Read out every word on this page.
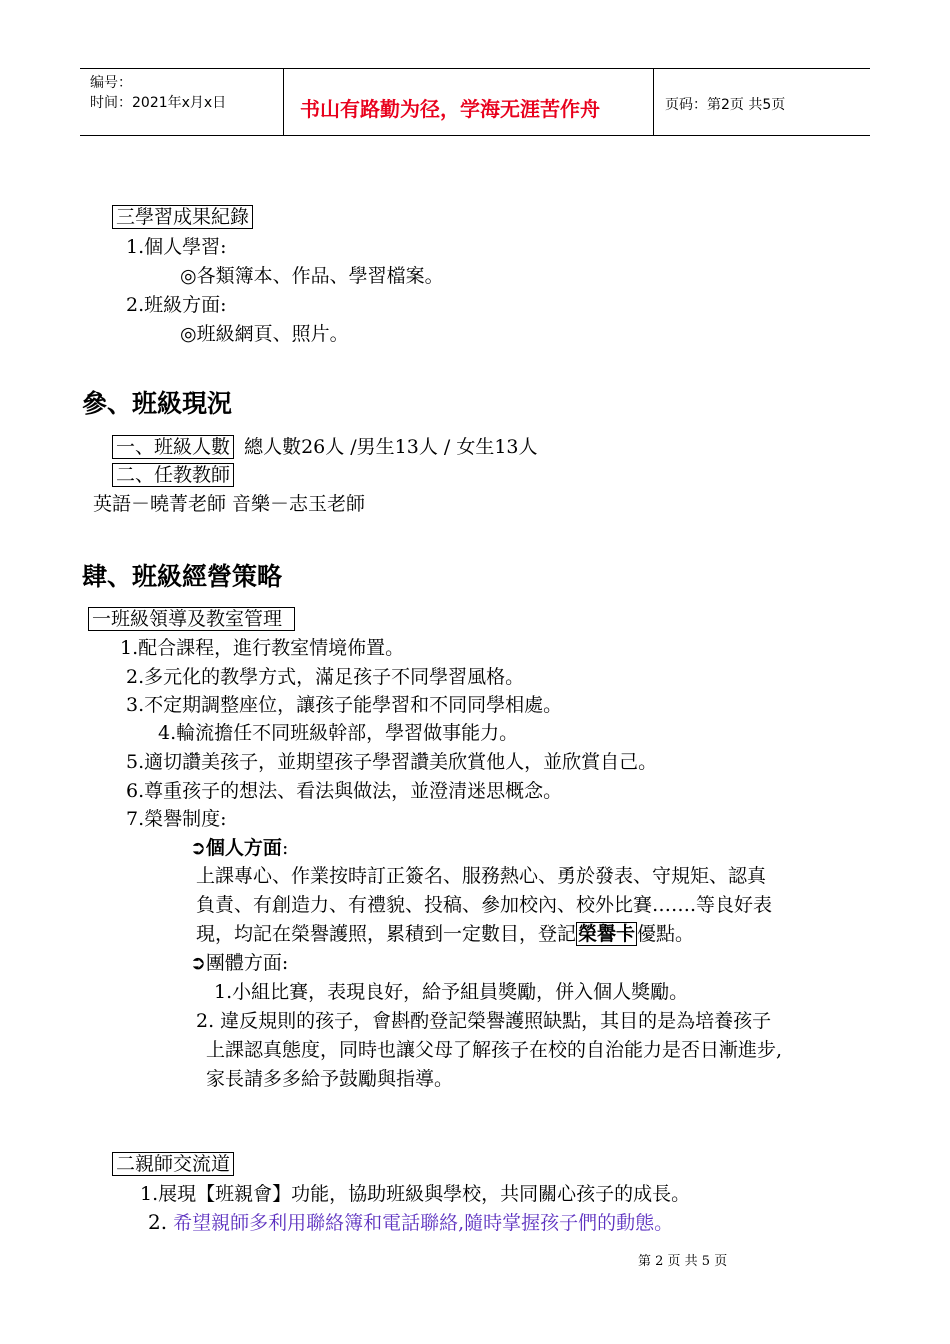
编号：
时间：2021年x月x日	书山有路勤为径，学海无涯苦作舟	页码：第2页 共5页
三學習成果紀錄
1.個人學習:
◎各類簿本、作品、學習檔案。
2.班級方面:
◎班級網頁、照片。
參、班級現況
一、班級人數 總人數26人 /男生13人 / 女生13人
二、任教教師
英語－曉菁老師 音樂－志玉老師
肆、班級經營策略
一班級領導及教室管理
1.配合課程，進行教室情境佈置。
2.多元化的教學方式，滿足孩子不同學習風格。
3.不定期調整座位，讓孩子能學習和不同同學相處。
4.輪流擔任不同班級幹部，學習做事能力。
5.適切讚美孩子，並期望孩子學習讚美欣賞他人，並欣賞自己。
6.尊重孩子的想法、看法與做法，並澄清迷思概念。
7.榮譽制度:
➲個人方面:
上課專心、作業按時訂正簽名、服務熱心、勇於發表、守規矩、認真
負責、有創造力、有禮貌、投稿、參加校內、校外比賽…….等良好表
現，均記在榮譽護照，累積到一定數目，登記 榮譽卡 優點。
➲團體方面:
1.小組比賽，表現良好，給予組員獎勵，併入個人獎勵。
2. 違反規則的孩子，會斟酌登記榮譽護照缺點，其目的是為培養孩子
上課認真態度，同時也讓父母了解孩子在校的自治能力是否日漸進步,
家長請多多給予鼓勵與指導。
二親師交流道
1.展現【班親會】功能，協助班級與學校，共同關心孩子的成長。
2. 希望親師多利用聯絡簿和電話聯絡,隨時掌握孩子們的動態。
第 2 页 共 5 页
